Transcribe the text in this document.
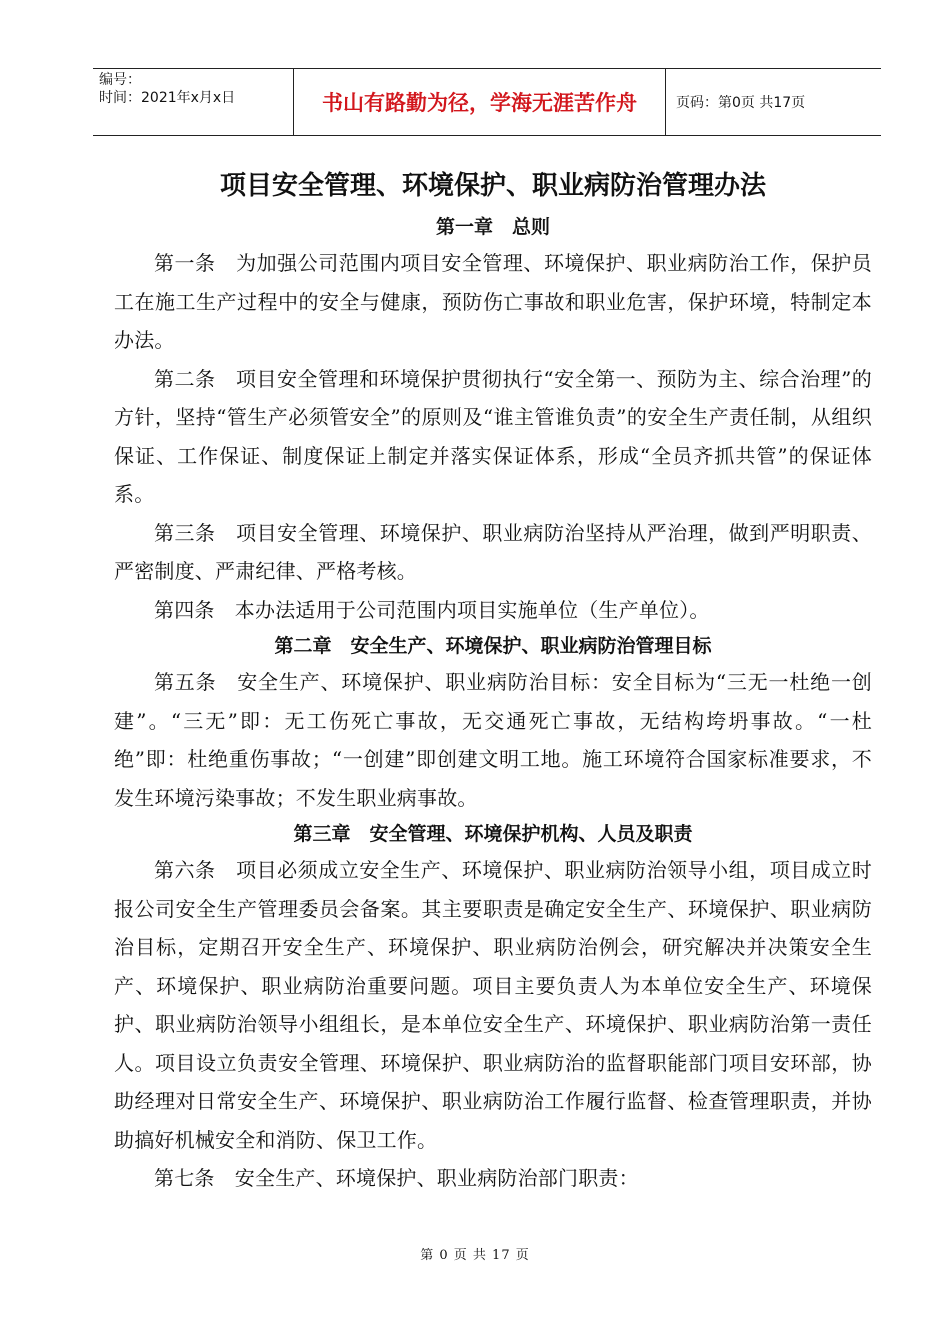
编号：
时间：2021年x月x日	书山有路勤为径，学海无涯苦作舟	页码：第0页 共17页
项目安全管理、环境保护、职业病防治管理办法
第一章　总则

第一条　为加强公司范围内项目安全管理、环境保护、职业病防治工作，保护员工在施工生产过程中的安全与健康，预防伤亡事故和职业危害，保护环境，特制定本办法。

第二条　项目安全管理和环境保护贯彻执行“安全第一、预防为主、综合治理”的方针，坚持“管生产必须管安全”的原则及“谁主管谁负责”的安全生产责任制，从组织保证、工作保证、制度保证上制定并落实保证体系，形成“全员齐抓共管”的保证体系。

第三条　项目安全管理、环境保护、职业病防治坚持从严治理，做到严明职责、严密制度、严肃纪律、严格考核。

第四条　本办法适用于公司范围内项目实施单位（生产单位）。

第二章　安全生产、环境保护、职业病防治管理目标

第五条　安全生产、环境保护、职业病防治目标：安全目标为“三无一杜绝一创建”。“三无”即：无工伤死亡事故，无交通死亡事故，无结构垮坍事故。“一杜绝”即：杜绝重伤事故；“一创建”即创建文明工地。施工环境符合国家标准要求，不发生环境污染事故；不发生职业病事故。

第三章　安全管理、环境保护机构、人员及职责

第六条　项目必须成立安全生产、环境保护、职业病防治领导小组，项目成立时报公司安全生产管理委员会备案。其主要职责是确定安全生产、环境保护、职业病防治目标，定期召开安全生产、环境保护、职业病防治例会，研究解决并决策安全生产、环境保护、职业病防治重要问题。项目主要负责人为本单位安全生产、环境保护、职业病防治领导小组组长，是本单位安全生产、环境保护、职业病防治第一责任人。项目设立负责安全管理、环境保护、职业病防治的监督职能部门项目安环部，协助经理对日常安全生产、环境保护、职业病防治工作履行监督、检查管理职责，并协助搞好机械安全和消防、保卫工作。

第七条　安全生产、环境保护、职业病防治部门职责：

第 0 页 共 17 页
